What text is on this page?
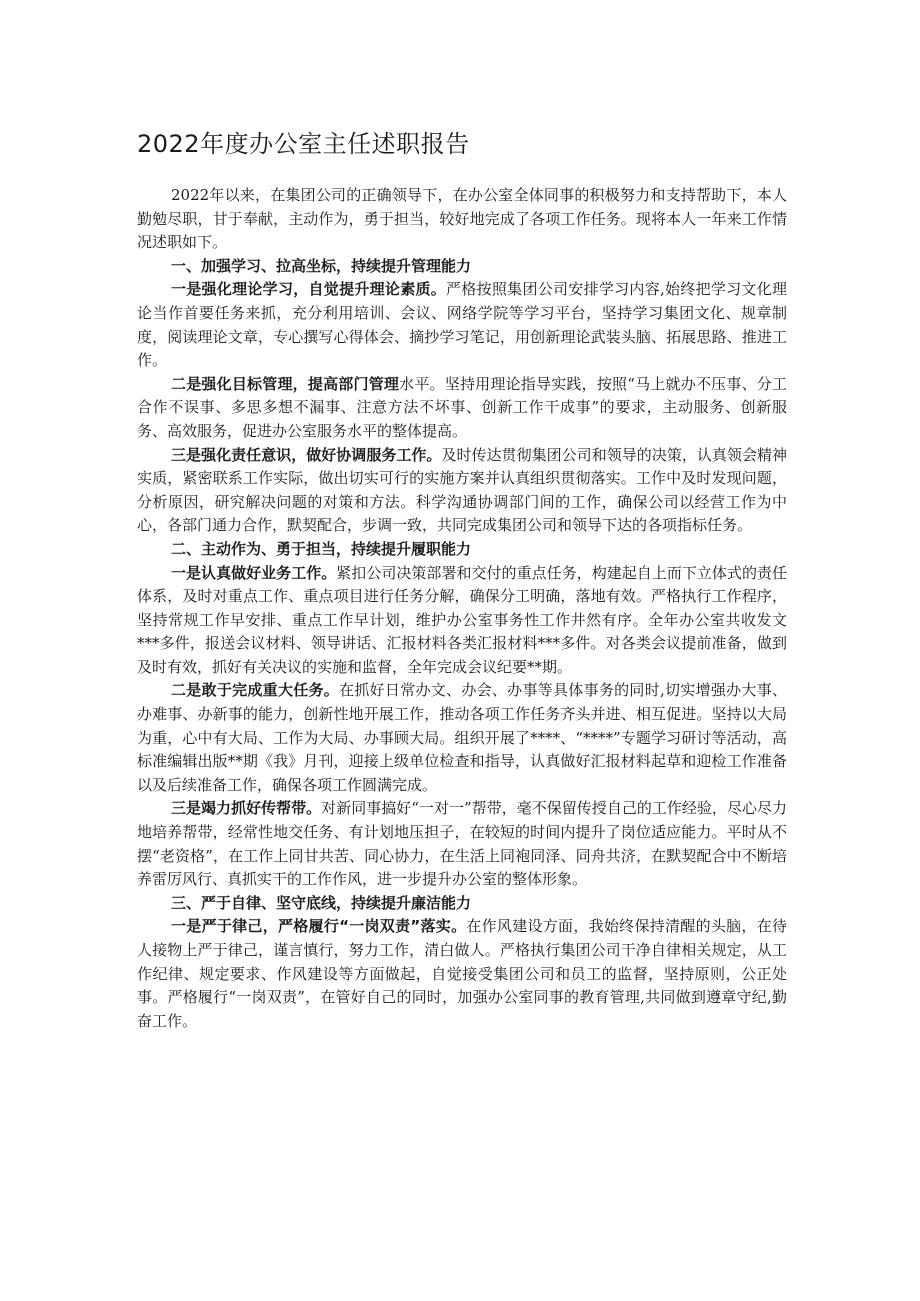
2022年度办公室主任述职报告

2022年以来，在集团公司的正确领导下，在办公室全体同事的积极努力和支持帮助下，本人勤勉尽职，甘于奉献，主动作为，勇于担当，较好地完成了各项工作任务。现将本人一年来工作情况述职如下。

一、加强学习、拉高坐标，持续提升管理能力

一是强化理论学习，自觉提升理论素质。严格按照集团公司安排学习内容,始终把学习文化理论当作首要任务来抓，充分利用培训、会议、网络学院等学习平台，坚持学习集团文化、规章制度，阅读理论文章，专心撰写心得体会、摘抄学习笔记，用创新理论武装头脑、拓展思路、推进工作。

二是强化目标管理，提高部门管理水平。坚持用理论指导实践，按照“马上就办不压事、分工合作不误事、多思多想不漏事、注意方法不坏事、创新工作干成事”的要求，主动服务、创新服务、高效服务，促进办公室服务水平的整体提高。

三是强化责任意识，做好协调服务工作。及时传达贯彻集团公司和领导的决策，认真领会精神实质，紧密联系工作实际，做出切实可行的实施方案并认真组织贯彻落实。工作中及时发现问题，分析原因，研究解决问题的对策和方法。科学沟通协调部门间的工作，确保公司以经营工作为中心，各部门通力合作，默契配合，步调一致，共同完成集团公司和领导下达的各项指标任务。

二、主动作为、勇于担当，持续提升履职能力

一是认真做好业务工作。紧扣公司决策部署和交付的重点任务，构建起自上而下立体式的责任体系，及时对重点工作、重点项目进行任务分解，确保分工明确，落地有效。严格执行工作程序，坚持常规工作早安排、重点工作早计划，维护办公室事务性工作井然有序。全年办公室共收发文***多件，报送会议材料、领导讲话、汇报材料各类汇报材料***多件。对各类会议提前准备，做到及时有效，抓好有关决议的实施和监督，全年完成会议纪要**期。

二是敢于完成重大任务。在抓好日常办文、办会、办事等具体事务的同时,切实增强办大事、办难事、办新事的能力，创新性地开展工作，推动各项工作任务齐头并进、相互促进。坚持以大局为重，心中有大局、工作为大局、办事顾大局。组织开展了****、“****”专题学习研讨等活动，高标准编辑出版**期《我》月刊，迎接上级单位检查和指导，认真做好汇报材料起草和迎检工作准备以及后续准备工作，确保各项工作圆满完成。

三是竭力抓好传帮带。对新同事搞好“一对一”帮带，毫不保留传授自己的工作经验，尽心尽力地培养帮带，经常性地交任务、有计划地压担子，在较短的时间内提升了岗位适应能力。平时从不摆“老资格”，在工作上同甘共苦、同心协力，在生活上同袍同泽、同舟共济，在默契配合中不断培养雷厉风行、真抓实干的工作作风，进一步提升办公室的整体形象。

三、严于自律、坚守底线，持续提升廉洁能力

一是严于律己，严格履行“一岗双责”落实。在作风建设方面，我始终保持清醒的头脑，在待人接物上严于律己，谨言慎行，努力工作，清白做人。严格执行集团公司干净自律相关规定，从工作纪律、规定要求、作风建设等方面做起，自觉接受集团公司和员工的监督，坚持原则，公正处事。严格履行“一岗双责”，在管好自己的同时，加强办公室同事的教育管理,共同做到遵章守纪,勤奋工作。
